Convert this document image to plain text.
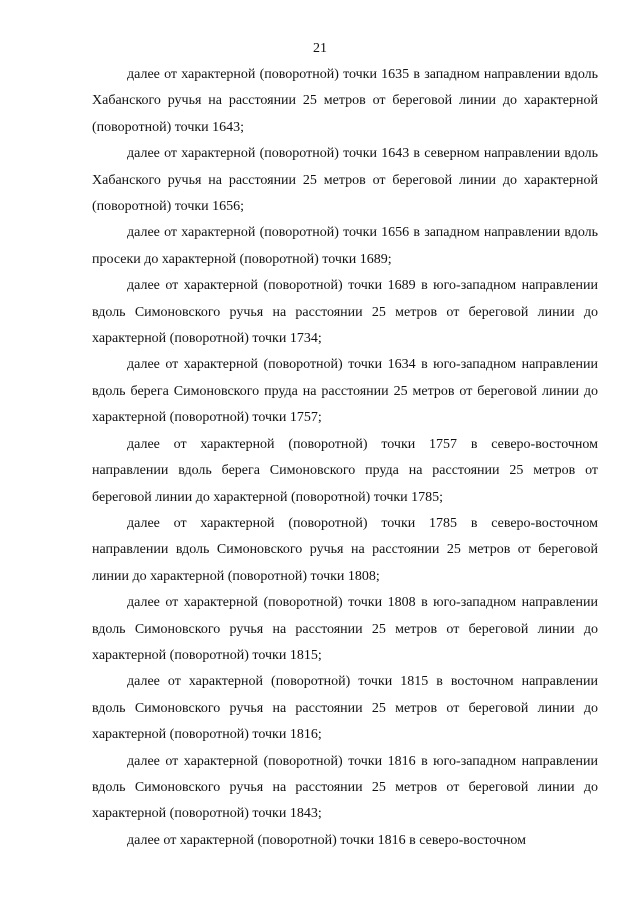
21

далее от характерной (поворотной) точки 1635 в западном направлении вдоль Хабанского ручья на расстоянии 25 метров от береговой линии до характерной (поворотной) точки 1643;

далее от характерной (поворотной) точки 1643 в северном направлении вдоль Хабанского ручья на расстоянии 25 метров от береговой линии до характерной (поворотной) точки 1656;

далее от характерной (поворотной) точки 1656 в западном направлении вдоль просеки до характерной (поворотной) точки 1689;

далее от характерной (поворотной) точки 1689 в юго-западном направлении вдоль Симоновского ручья на расстоянии 25 метров от береговой линии до характерной (поворотной) точки 1734;

далее от характерной (поворотной) точки 1634 в юго-западном направлении вдоль берега Симоновского пруда на расстоянии 25 метров от береговой линии до характерной (поворотной) точки 1757;

далее от характерной (поворотной) точки 1757 в северо-восточном направлении вдоль берега Симоновского пруда на расстоянии 25 метров от береговой линии до характерной (поворотной) точки 1785;

далее от характерной (поворотной) точки 1785 в северо-восточном направлении вдоль Симоновского ручья на расстоянии 25 метров от береговой линии до характерной (поворотной) точки 1808;

далее от характерной (поворотной) точки 1808 в юго-западном направлении вдоль Симоновского ручья на расстоянии 25 метров от береговой линии до характерной (поворотной) точки 1815;

далее от характерной (поворотной) точки 1815 в восточном направлении вдоль Симоновского ручья на расстоянии 25 метров от береговой линии до характерной (поворотной) точки 1816;

далее от характерной (поворотной) точки 1816 в юго-западном направлении вдоль Симоновского ручья на расстоянии 25 метров от береговой линии до характерной (поворотной) точки 1843;

далее от характерной (поворотной) точки 1816 в северо-восточном
